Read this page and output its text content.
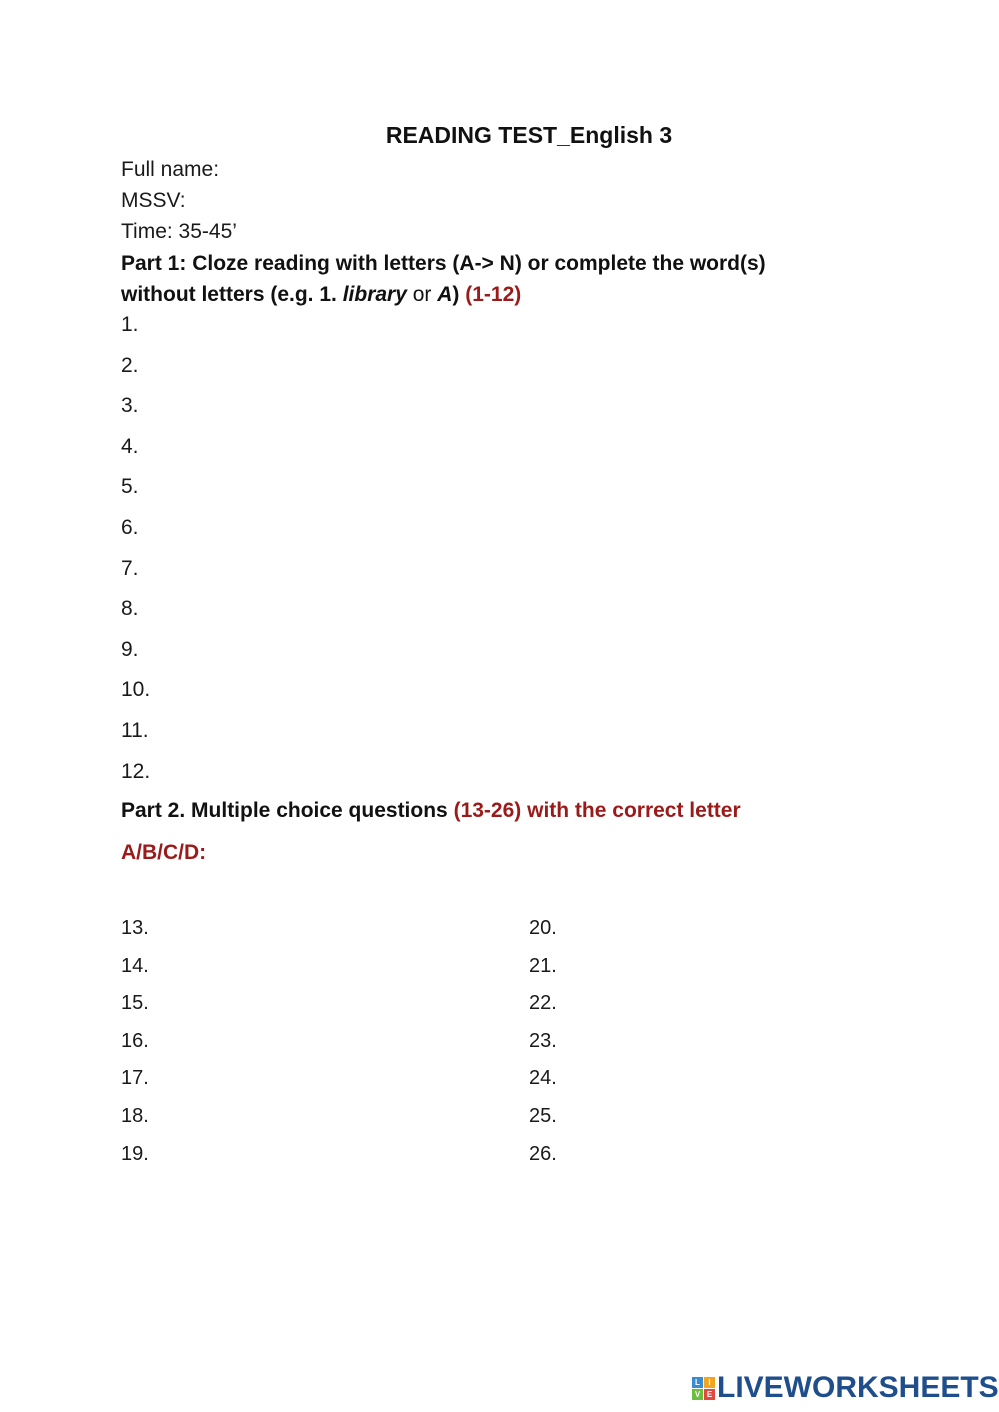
READING TEST_English 3
Full name:
MSSV:
Time: 35-45’
Part 1: Cloze reading with letters (A-> N) or complete the word(s)
without letters (e.g. 1. library or A) (1-12)
1.
2.
3.
4.
5.
6.
7.
8.
9.
10.
11.
12.
Part 2. Multiple choice questions (13-26) with the correct letter
A/B/C/D:
13.
14.
15.
16.
17.
18.
19.
20.
21.
22.
23.
24.
25.
26.
L	I
V E LIVEWORKSHEETS
